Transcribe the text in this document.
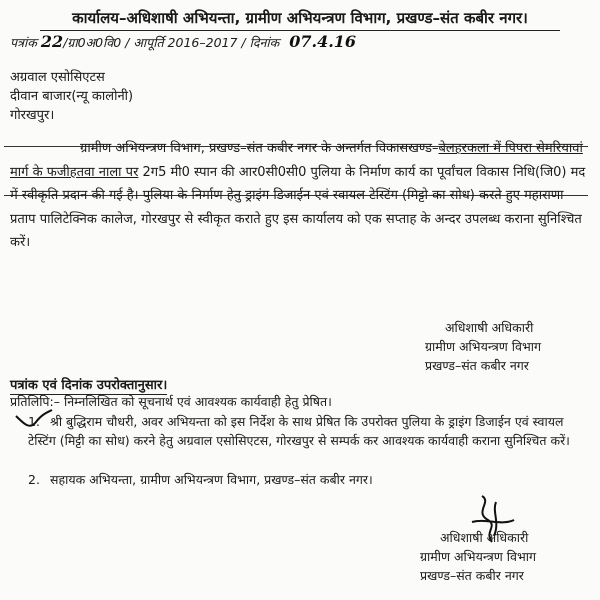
कार्यालय–अधिशाषी अभियन्ता, ग्रामीण अभियन्त्रण विभाग, प्रखण्ड–संत कबीर नगर।
पत्रांक 22/ग्रा0अ0वि0 / आपूर्ति 2016–2017 / दिनांक 07.4.16
अग्रवाल एसोसिएटस
दीवान बाजार(न्यू कालोनी)
गोरखपुर।
ग्रामीण अभियन्त्रण विभाग, प्रखण्ड–संत कबीर नगर के अन्तर्गत विकासखण्ड–बेलहरकला में पिपरा सेमरियावां मार्ग के फजीहतवा नाला पर 2ग5 मी0 स्पान की आर0सी0सी0 पुलिया के निर्माण कार्य का पूर्वांचल विकास निधि(जि0) मद में स्वीकृति प्रदान की गई है। पुलिया के निर्माण हेतु ड्राइंग डिजाईन एवं स्वायल टेस्टिंग (मिट्टो का सोध) करते हुए महाराणा प्रताप पालिटेक्निक कालेज, गोरखपुर से स्वीकृत कराते हुए इस कार्यालय को एक सप्ताह के अन्दर उपलब्ध कराना सुनिश्चित करें।
अधिशाषी अधिकारी
ग्रामीण अभियन्त्रण विभाग
प्रखण्ड–संत कबीर नगर
पत्रांक एवं दिनांक उपरोक्तानुसार।
प्रतिलिपि:– निम्नलिखित को सूचनार्थ एवं आवश्यक कार्यवाही हेतु प्रेषित।
1. श्री बुद्धिराम चौधरी, अवर अभियन्ता को इस निर्देश के साथ प्रेषित कि उपरोक्त पुलिया के ड्राइंग डिजाईन एवं स्वायल टेस्टिंग (मिट्टी का सोध) करने हेतु अग्रवाल एसोसिएटस, गोरखपुर से सम्पर्क कर आवश्यक कार्यवाही कराना सुनिश्चित करें।
2. सहायक अभियन्ता, ग्रामीण अभियन्त्रण विभाग, प्रखण्ड–संत कबीर नगर।
अधिशाषी अधिकारी
ग्रामीण अभियन्त्रण विभाग
प्रखण्ड–संत कबीर नगर
